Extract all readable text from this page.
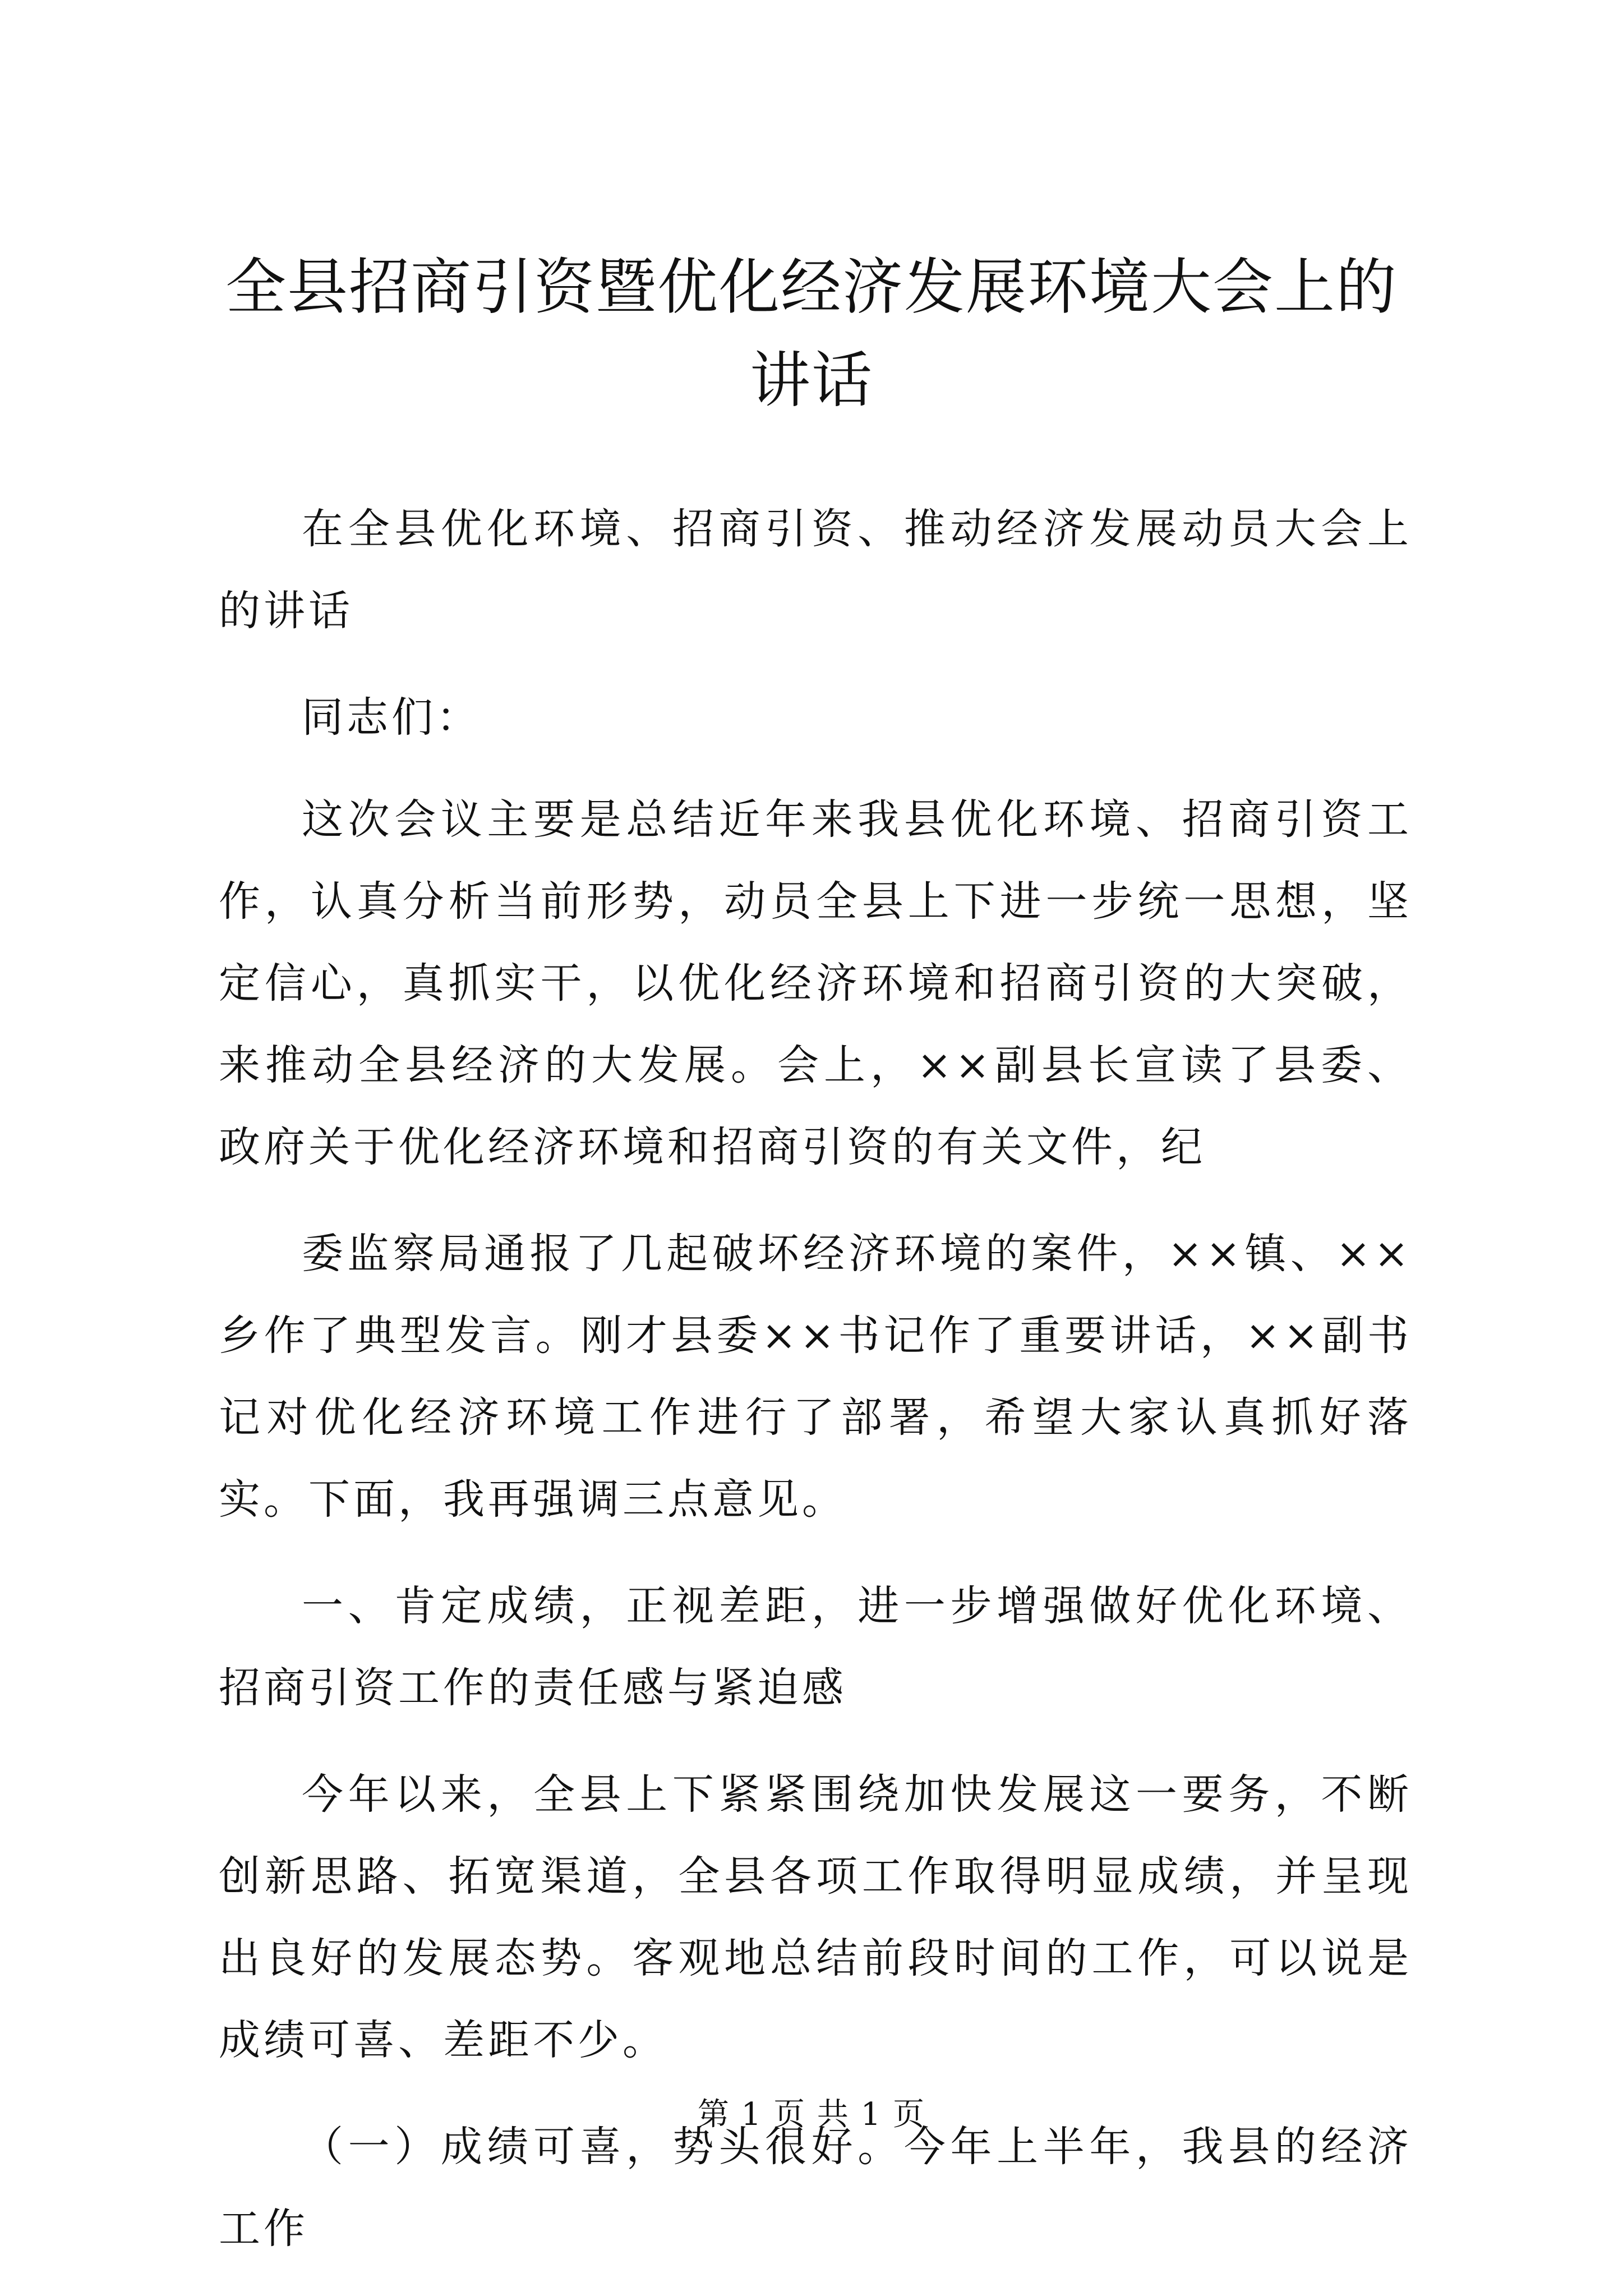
全县招商引资暨优化经济发展环境大会上的讲话

在全县优化环境、招商引资、推动经济发展动员大会上的讲话

同志们：

这次会议主要是总结近年来我县优化环境、招商引资工作，认真分析当前形势，动员全县上下进一步统一思想，坚定信心，真抓实干，以优化经济环境和招商引资的大突破，来推动全县经济的大发展。会上，××副县长宣读了县委、政府关于优化经济环境和招商引资的有关文件，纪

委监察局通报了几起破坏经济环境的案件，××镇、××乡作了典型发言。刚才县委××书记作了重要讲话，××副书记对优化经济环境工作进行了部署，希望大家认真抓好落实。下面，我再强调三点意见。

一、肯定成绩，正视差距，进一步增强做好优化环境、招商引资工作的责任感与紧迫感

今年以来，全县上下紧紧围绕加快发展这一要务，不断创新思路、拓宽渠道，全县各项工作取得明显成绩，并呈现出良好的发展态势。客观地总结前段时间的工作，可以说是成绩可喜、差距不少。

（一）成绩可喜，势头很好。今年上半年，我县的经济工作

第 1 页 共 1 页
